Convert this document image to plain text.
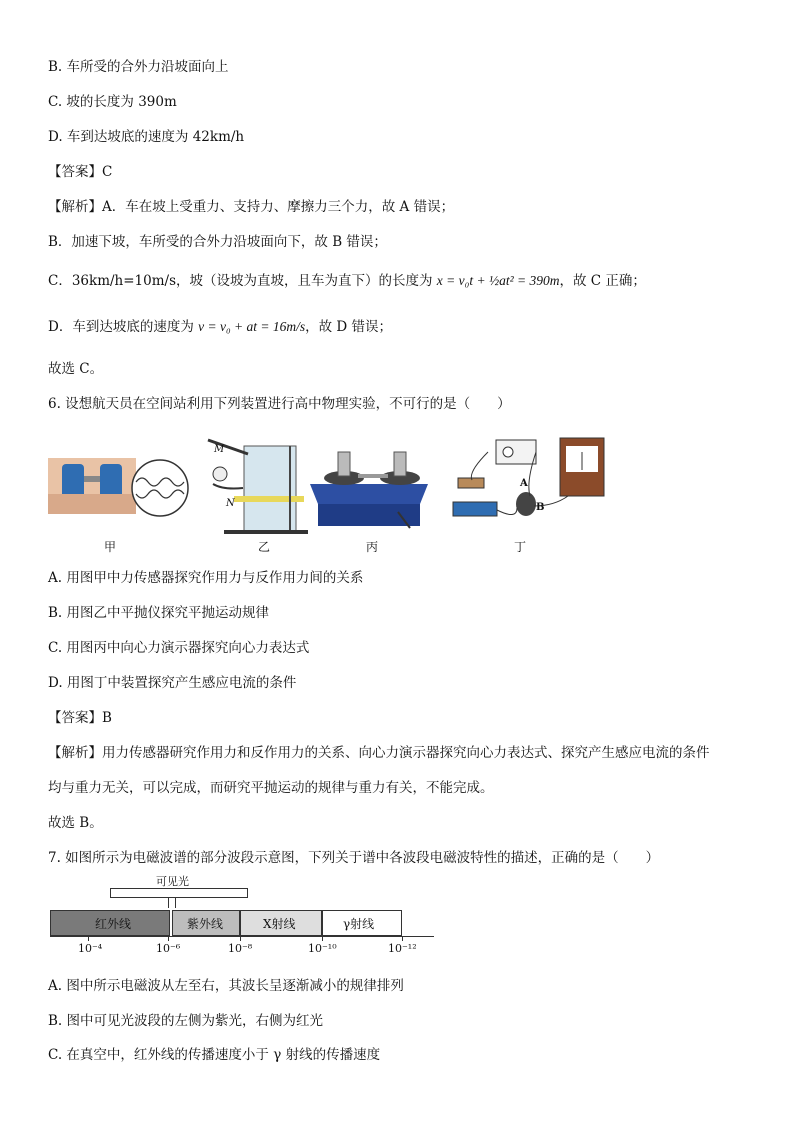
B. 车所受的合外力沿坡面向上
C. 坡的长度为 390m
D. 车到达坡底的速度为 42km/h
【答案】C
【解析】A．车在坡上受重力、支持力、摩擦力三个力，故 A 错误；
B．加速下坡，车所受的合外力沿坡面向下，故 B 错误；
C．36km/h=10m/s，坡（设坡为直坡，且车为直下）的长度为 x = v₀t + ½at² = 390m，故 C 正确；
D．车到达坡底的速度为 v = v₀ + at = 16m/s，故 D 错误；
故选 C。
6. 设想航天员在空间站利用下列装置进行高中物理实验，不可行的是（　　）
M
N
A
B
甲	乙	丙	丁
A. 用图甲中力传感器探究作用力与反作用力间的关系
B. 用图乙中平抛仪探究平抛运动规律
C. 用图丙中向心力演示器探究向心力表达式
D. 用图丁中装置探究产生感应电流的条件
【答案】B
【解析】用力传感器研究作用力和反作用力的关系、向心力演示器探究向心力表达式、探究产生感应电流的条件
均与重力无关，可以完成，而研究平抛运动的规律与重力有关，不能完成。
故选 B。
7. 如图所示为电磁波谱的部分波段示意图，下列关于谱中各波段电磁波特性的描述，正确的是（　　）
可见光
红外线	紫外线	X射线	γ射线
10⁻⁴	10⁻⁶	10⁻⁸	10⁻¹⁰	10⁻¹²
A. 图中所示电磁波从左至右，其波长呈逐渐减小的规律排列
B. 图中可见光波段的左侧为紫光，右侧为红光
C. 在真空中，红外线的传播速度小于 γ 射线的传播速度
